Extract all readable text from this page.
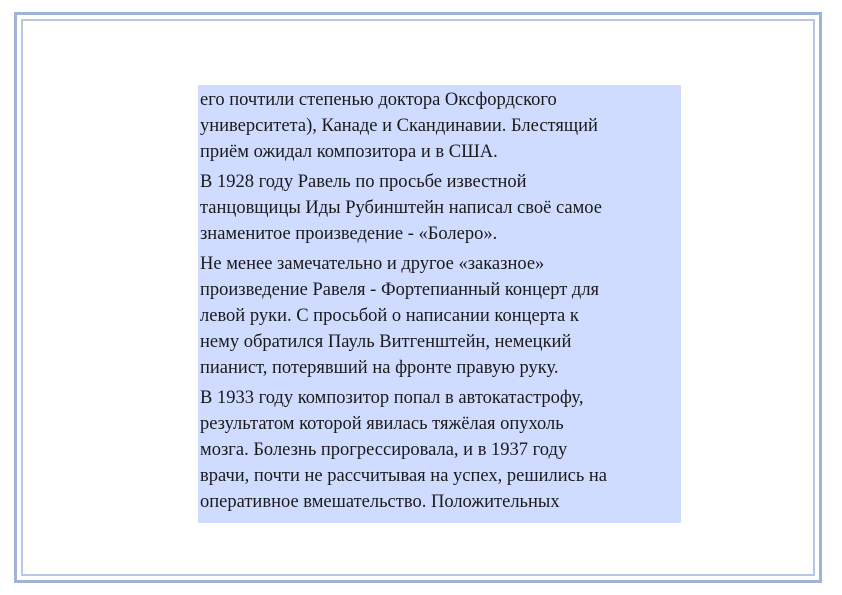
его почтили степенью доктора Оксфордского
университета), Канаде и Скандинавии. Блестящий
приём ожидал композитора и в США.

В 1928 году Равель по просьбе известной
танцовщицы Иды Рубинштейн написал своё самое
знаменитое произведение - «Болеро».

Не менее замечательно и другое «заказное»
произведение Равеля - Фортепианный концерт для
левой руки. С просьбой о написании концерта к
нему обратился Пауль Витгенштейн, немецкий
пианист, потерявший на фронте правую руку.

В 1933 году композитор попал в автокатастрофу,
результатом которой явилась тяжёлая опухоль
мозга. Болезнь прогрессировала, и в 1937 году
врачи, почти не рассчитывая на успех, решились на
оперативное вмешательство. Положительных
